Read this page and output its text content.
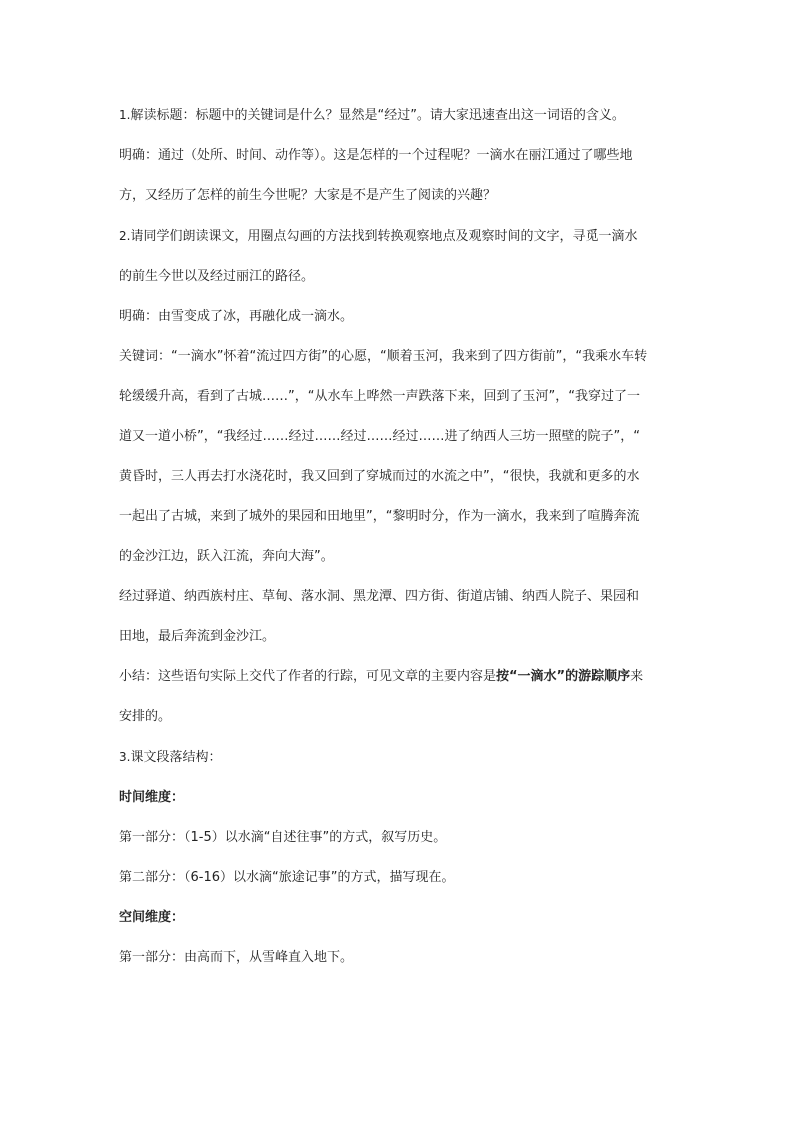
1.解读标题：标题中的关键词是什么？显然是“经过”。请大家迅速查出这一词语的含义。

明确：通过（处所、时间、动作等）。这是怎样的一个过程呢？一滴水在丽江通过了哪些地

方，又经历了怎样的前生今世呢？大家是不是产生了阅读的兴趣？

2.请同学们朗读课文，用圈点勾画的方法找到转换观察地点及观察时间的文字，寻觅一滴水

的前生今世以及经过丽江的路径。

明确：由雪变成了冰，再融化成一滴水。

关键词：“一滴水”怀着“流过四方街”的心愿，“顺着玉河，我来到了四方街前”，“我乘水车转

轮缓缓升高，看到了古城……”，“从水车上哗然一声跌落下来，回到了玉河”，“我穿过了一

道又一道小桥”，“我经过……经过……经过……经过……进了纳西人三坊一照壁的院子”，“

黄昏时，三人再去打水浇花时，我又回到了穿城而过的水流之中”，“很快，我就和更多的水

一起出了古城，来到了城外的果园和田地里”，“黎明时分，作为一滴水，我来到了喧腾奔流

的金沙江边，跃入江流，奔向大海”。

经过驿道、纳西族村庄、草甸、落水洞、黑龙潭、四方街、街道店铺、纳西人院子、果园和

田地，最后奔流到金沙江。

小结：这些语句实际上交代了作者的行踪，可见文章的主要内容是按“一滴水”的游踪顺序来

安排的。

3.课文段落结构：

时间维度：

第一部分：（1-5）以水滴“自述往事”的方式，叙写历史。

第二部分：（6-16）以水滴“旅途记事”的方式，描写现在。

空间维度：

第一部分：由高而下，从雪峰直入地下。
